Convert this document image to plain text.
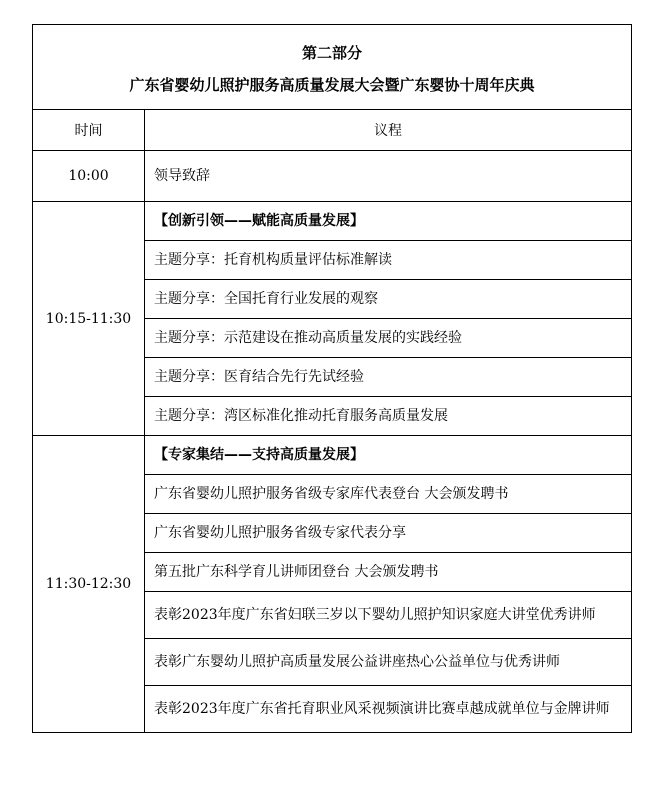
第二部分
广东省婴幼儿照护服务高质量发展大会暨广东婴协十周年庆典	

时间	议程
10:00	领导致辞
10:15-11:30	【创新引领——赋能高质量发展】
	主题分享：托育机构质量评估标准解读
	主题分享：全国托育行业发展的观察
	主题分享：示范建设在推动高质量发展的实践经验
	主题分享：医育结合先行先试经验
	主题分享：湾区标准化推动托育服务高质量发展
11:30-12:30	【专家集结——支持高质量发展】
	广东省婴幼儿照护服务省级专家库代表登台 大会颁发聘书
	广东省婴幼儿照护服务省级专家代表分享
	第五批广东科学育儿讲师团登台 大会颁发聘书
	表彰2023年度广东省妇联三岁以下婴幼儿照护知识家庭大讲堂优秀讲师
	表彰广东婴幼儿照护高质量发展公益讲座热心公益单位与优秀讲师
	表彰2023年度广东省托育职业风采视频演讲比赛卓越成就单位与金牌讲师
